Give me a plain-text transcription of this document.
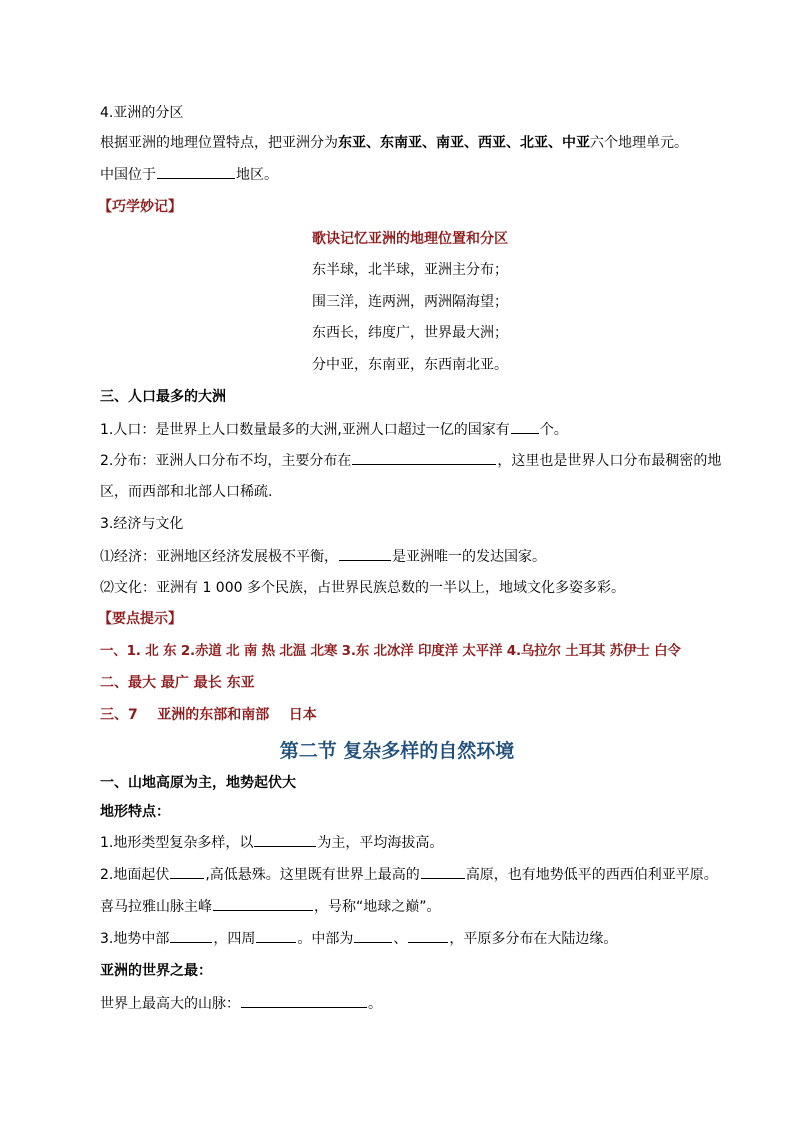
4.亚洲的分区
根据亚洲的地理位置特点，把亚洲分为东亚、东南亚、南亚、西亚、北亚、中亚六个地理单元。
中国位于	地区。
【巧学妙记】
歌诀记忆亚洲的地理位置和分区
东半球，北半球，亚洲主分布；
围三洋，连两洲，两洲隔海望；
东西长，纬度广，世界最大洲；
分中亚，东南亚，东西南北亚。
三、人口最多的大洲
1.人口：是世界上人口数量最多的大洲,亚洲人口超过一亿的国家有 个。
2.分布：亚洲人口分布不均，主要分布在	，这里也是世界人口分布最稠密的地
区，而西部和北部人口稀疏.
3.经济与文化
⑴经济：亚洲地区经济发展极不平衡，	是亚洲唯一的发达国家。
⑵文化：亚洲有 1 000 多个民族，占世界民族总数的一半以上，地域文化多姿多彩。
【要点提示】
一、1. 北 东 2.赤道 北 南 热 北温 北寒 3.东 北冰洋 印度洋 太平洋 4.乌拉尔 土耳其 苏伊士 白令
二、最大 最广 最长 东亚
三、7    亚洲的东部和南部    日本
第二节 复杂多样的自然环境
一、山地高原为主，地势起伏大
地形特点：
1.地形类型复杂多样，以	为主，平均海拔高。
2.地面起伏	,高低悬殊。这里既有世界上最高的	高原，也有地势低平的西西伯利亚平原。
喜马拉雅山脉主峰	，号称“地球之巅”。
3.地势中部	，四周	。中部为	、	，平原多分布在大陆边缘。
亚洲的世界之最：
世界上最高大的山脉：	。
